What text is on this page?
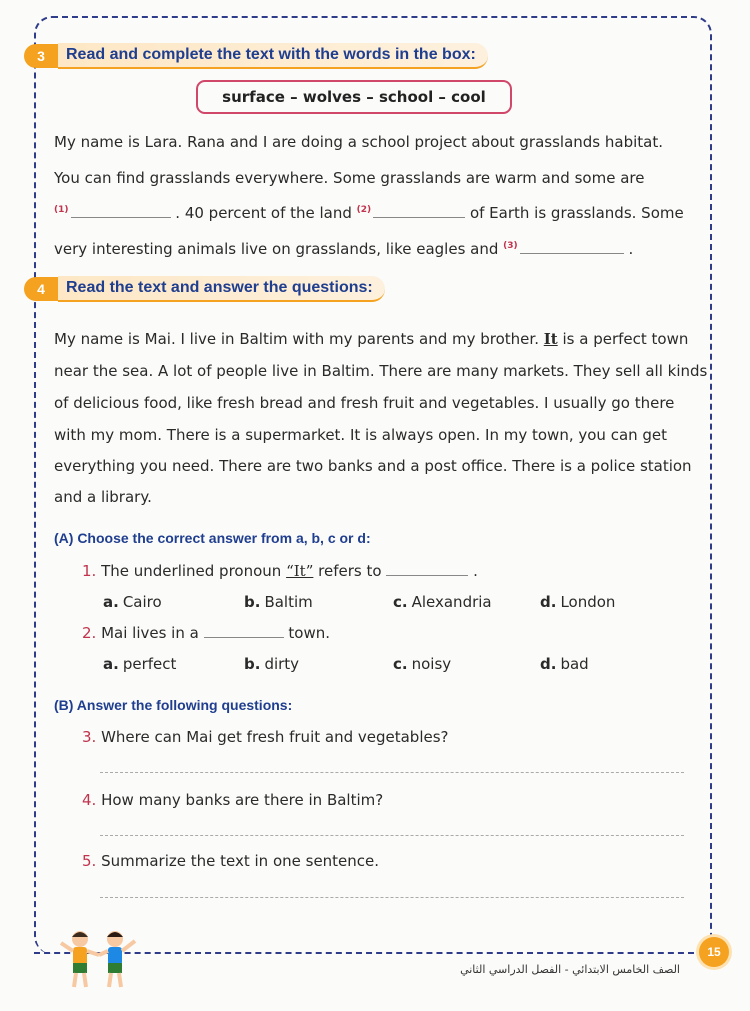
3	Read and complete the text with the words in the box:
surface – wolves – school – cool
My name is Lara. Rana and I are doing a school project about grasslands habitat.
You can find grasslands everywhere. Some grasslands are warm and some are
$^{(1)}$	. 40 percent of the land $^{(2)}$	of Earth is grasslands. Some
very interesting animals live on grasslands, like eagles and $^{(3)}$	.
4	Read the text and answer the questions:
My name is Mai. I live in Baltim with my parents and my brother. It is a perfect town
near the sea. A lot of people live in Baltim. There are many markets. They sell all kinds
of delicious food, like fresh bread and fresh fruit and vegetables. I usually go there
with my mom. There is a supermarket. It is always open. In my town, you can get
everything you need. There are two banks and a post office. There is a police station
and a library.
(A) Choose the correct answer from a, b, c or d:
1. The underlined pronoun “It” refers to	.
a. Cairo	b. Baltim	c. Alexandria	d. London
2. Mai lives in a	town.
a. perfect	b. dirty	c. noisy	d. bad
(B) Answer the following questions:
3. Where can Mai get fresh fruit and vegetables?
4. How many banks are there in Baltim?
5. Summarize the text in one sentence.
15
الصف الخامس الابتدائي - الفصل الدراسي الثاني
